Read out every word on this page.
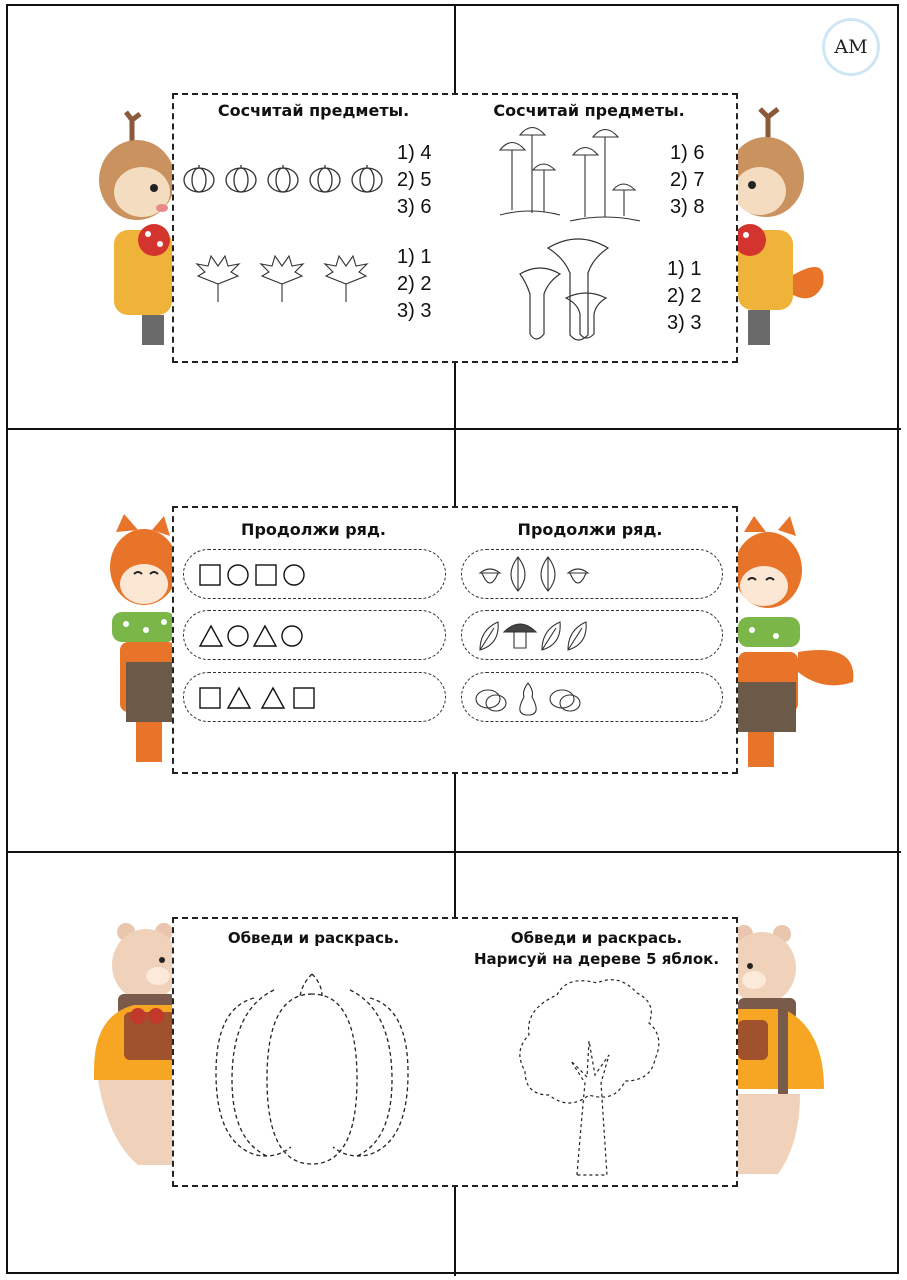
AM
Сосчитай предметы.	Сосчитай предметы.
1) 4
2) 5
3) 6
1) 1
2) 2
3) 3
1) 6
2) 7
3) 8
1) 1
2) 2
3) 3
Продолжи ряд.	Продолжи ряд.
Обведи и раскрась.	Обведи и раскрась.
Нарисуй на дереве 5 яблок.
